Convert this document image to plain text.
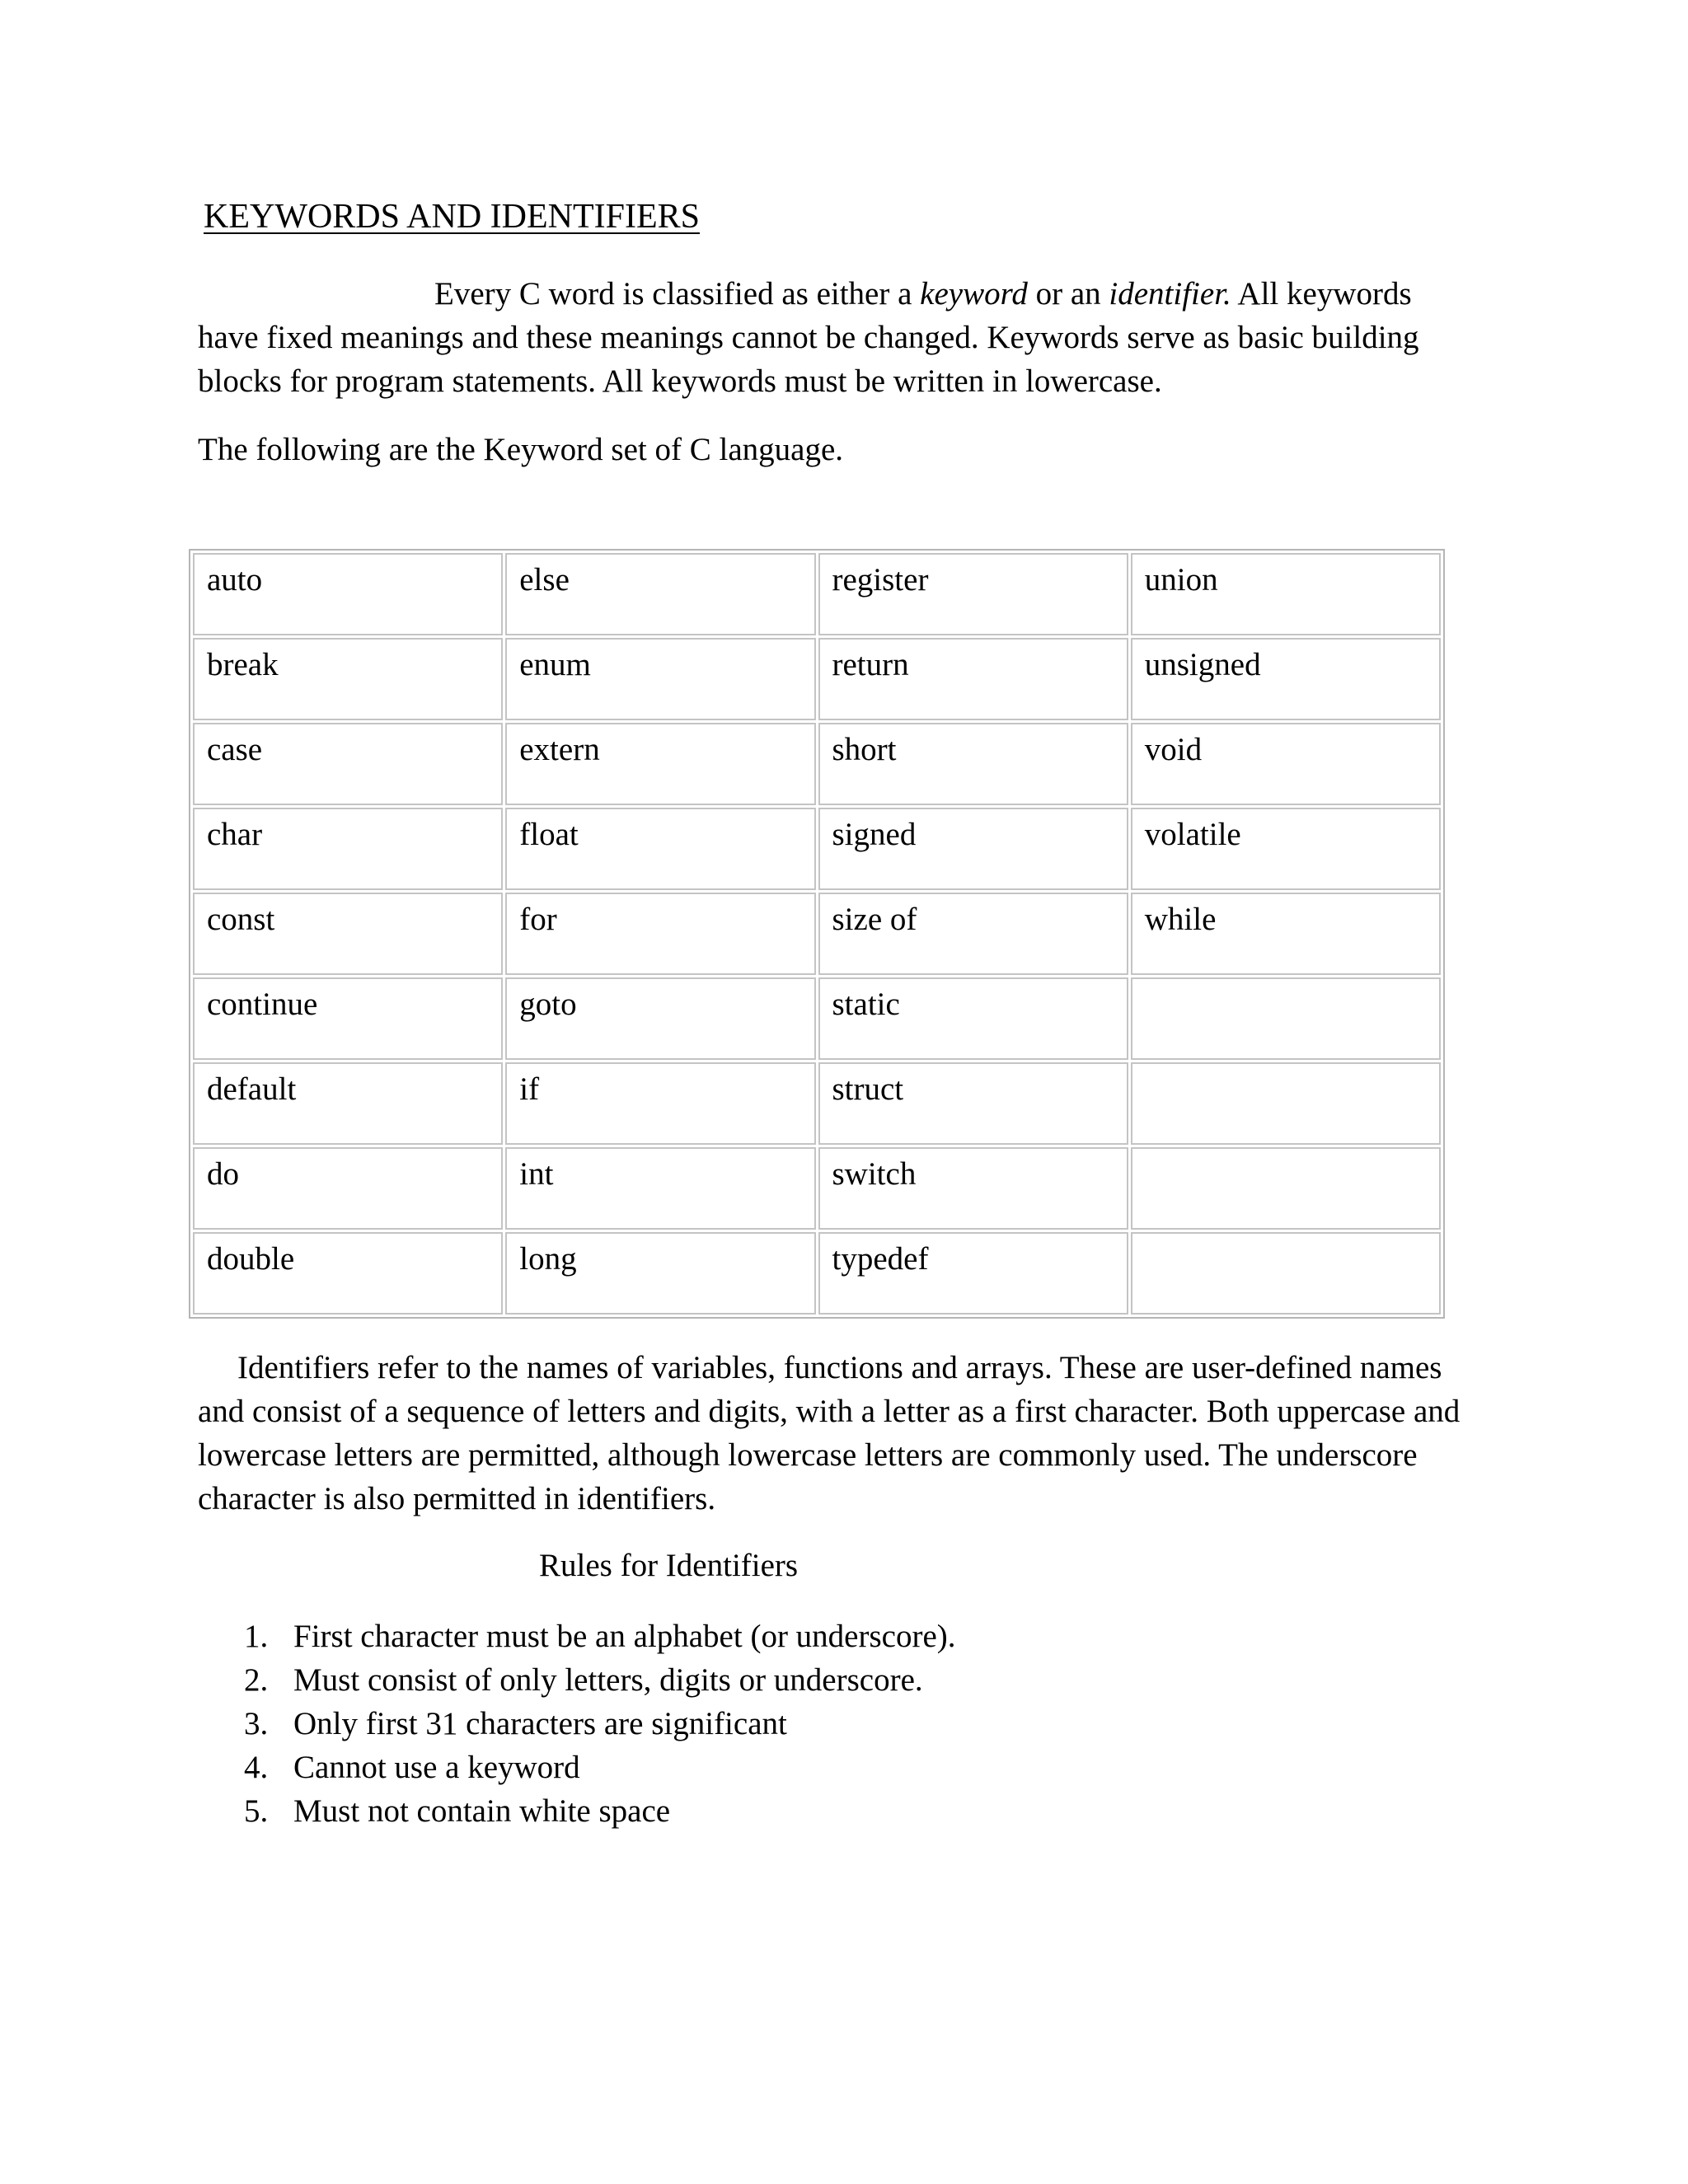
KEYWORDS AND IDENTIFIERS

Every C word is classified as either a keyword or an identifier. All keywords have fixed meanings and these meanings cannot be changed. Keywords serve as basic building blocks for program statements. All keywords must be written in lowercase.

The following are the Keyword set of C language.

auto	else	register	union
break	enum	return	unsigned
case	extern	short	void
char	float	signed	volatile
const	for	size of	while
continue	goto	static	
default	if	struct	
do	int	switch	
double	long	typedef	

Identifiers refer to the names of variables, functions and arrays. These are user-defined names and consist of a sequence of letters and digits, with a letter as a first character. Both uppercase and lowercase letters are permitted, although lowercase letters are commonly used. The underscore character is also permitted in identifiers.

Rules for Identifiers
1. First character must be an alphabet (or underscore).
2. Must consist of only letters, digits or underscore.
3. Only first 31 characters are significant
4. Cannot use a keyword
5. Must not contain white space
